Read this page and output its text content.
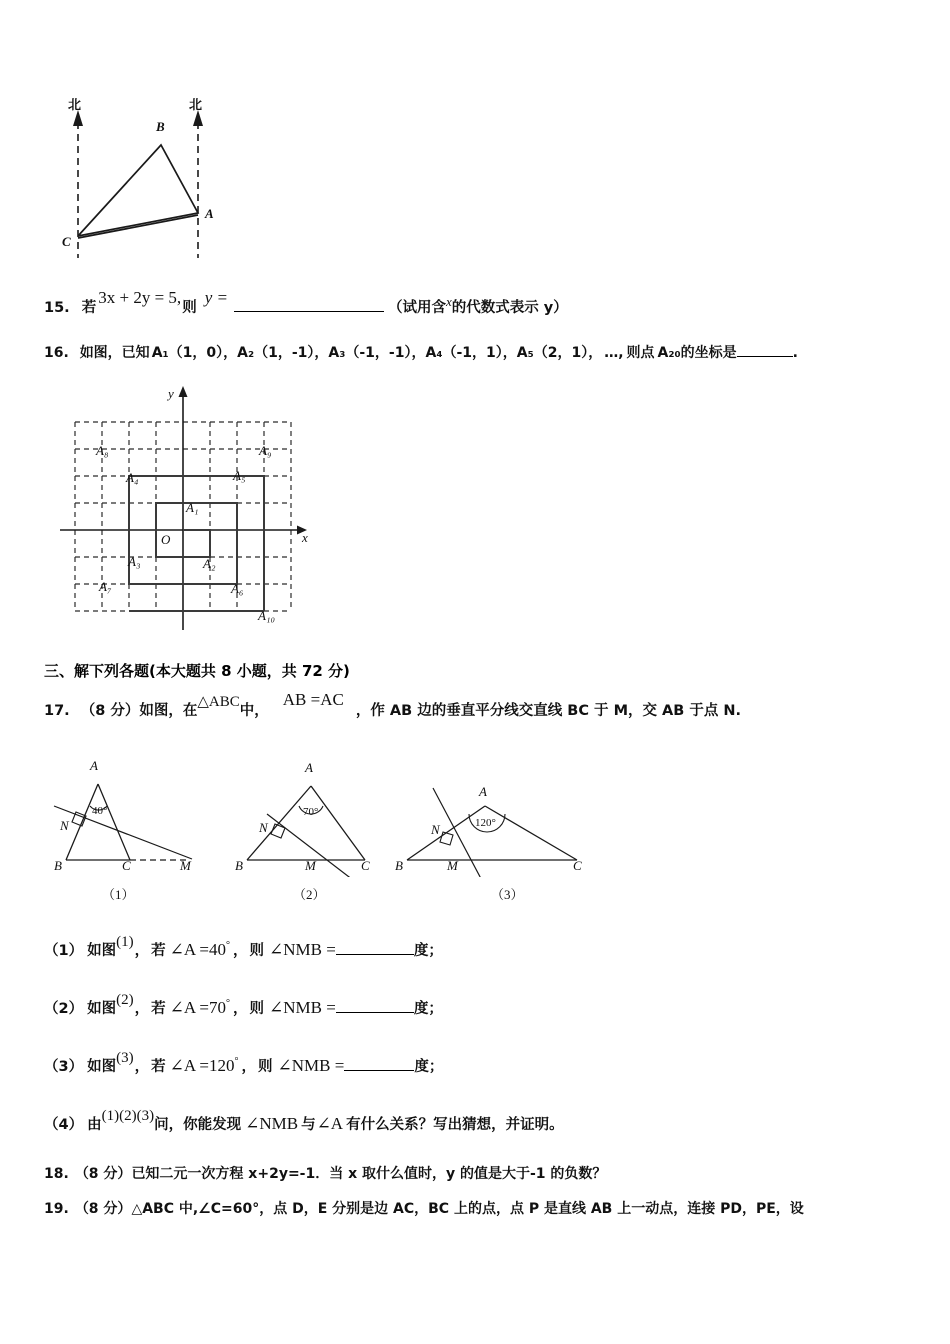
北	北
B
A
C
15. 若3x + 2y = 5,则y =（试用含x的代数式表示 y）
16. 如图，已知 A₁（1，0），A₂（1，-1），A₃（-1，-1），A₄（-1，1），A₅（2，1）， …, 则点 A₂₀的坐标是	.
y
x
O
A₁
A₂
A₃
A₄	A₅
A₆
A₇
A₈	A₉
A₁₀
三、解下列各题(本大题共 8 小题，共 72 分)
17. （8 分）如图，在△ABC中，AB =AC，作 AB 边的垂直平分线交直线 BC 于 M，交 AB 于点 N.
A
40°
N
B	C	M
（1）
A
70°
N
B	M	C
（2）
A
120°
N
B	M	C
（3）
（1） 如图(1)， 若 ∠A =40° ， 则 ∠NMB =	度；
（2） 如图(2)， 若 ∠A =70° ， 则 ∠NMB =	度；
（3） 如图(3)， 若 ∠A =120° ， 则 ∠NMB =	度；
（4） 由(1)(2)(3)问，你能发现 ∠NMB 与∠A 有什么关系？写出猜想，并证明。
18. （8 分）已知二元一次方程 x+2y=-1．当 x 取什么值时，y 的值是大于-1 的负数？
19. （8 分）△ABC 中,∠C=60°，点 D，E 分别是边 AC，BC 上的点，点 P 是直线 AB 上一动点，连接 PD，PE，设
